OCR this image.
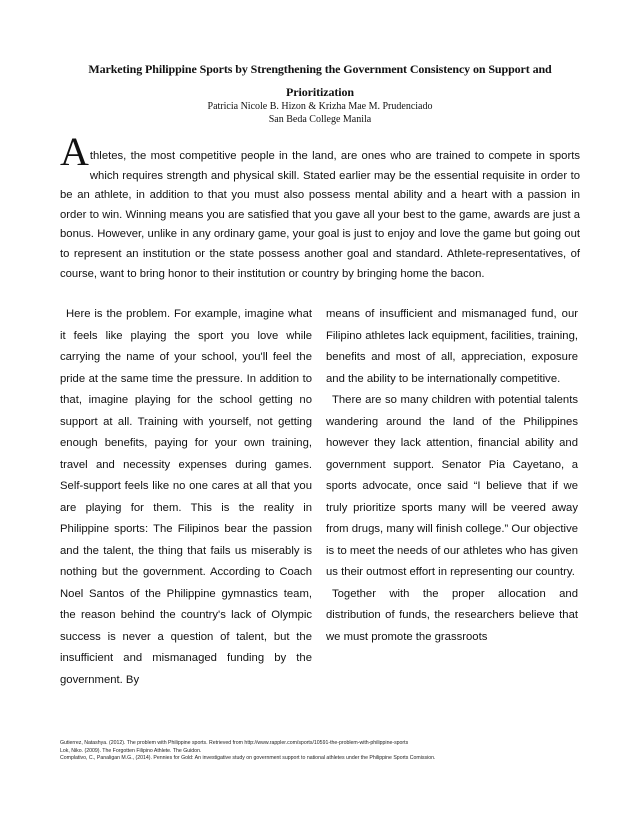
Marketing Philippine Sports by Strengthening the Government Consistency on Support and Prioritization
Patricia Nicole B. Hizon & Krizha Mae M. Prudenciado
San Beda College Manila
A thletes, the most competitive people in the land, are ones who are trained to compete in sports which requires strength and physical skill. Stated earlier may be the essential requisite in order to be an athlete, in addition to that you must also possess mental ability and a heart with a passion in order to win. Winning means you are satisfied that you gave all your best to the game, awards are just a bonus. However, unlike in any ordinary game, your goal is just to enjoy and love the game but going out to represent an institution or the state possess another goal and standard. Athlete-representatives, of course, want to bring honor to their institution or country by bringing home the bacon.

Here is the problem. For example, imagine what it feels like playing the sport you love while carrying the name of your school, you'll feel the pride at the same time the pressure. In addition to that, imagine playing for the school getting no support at all. Training with yourself, not getting enough benefits, paying for your own training, travel and necessity expenses during games. Self-support feels like no one cares at all that you are playing for them. This is the reality in Philippine sports: The Filipinos bear the passion and the talent, the thing that fails us miserably is nothing but the government. According to Coach Noel Santos of the Philippine gymnastics team, the reason behind the country's lack of Olympic success is never a question of talent, but the insufficient and mismanaged funding by the government. By

means of insufficient and mismanaged fund, our Filipino athletes lack equipment, facilities, training, benefits and most of all, appreciation, exposure and the ability to be internationally competitive.

There are so many children with potential talents wandering around the land of the Philippines however they lack attention, financial ability and government support. Senator Pia Cayetano, a sports advocate, once said “I believe that if we truly prioritize sports many will be veered away from drugs, many will finish college.” Our objective is to meet the needs of our athletes who has given us their outmost effort in representing our country.

Together with the proper allocation and distribution of funds, the researchers believe that we must promote the grassroots

Gutierrez, Natashya. (2012). The problem with Philippine sports. Retrieved from http://www.rappler.com/sports/10591-the-problem-with-philippine-sports
Lok, Niko. (2009). The Forgotten Filipino Athlete. The Guidon.
Complativo, C., Panaligan M.G., (2014). Pennies for Gold: An investigative study on government support to national athletes under the Philippine Sports Comission.
